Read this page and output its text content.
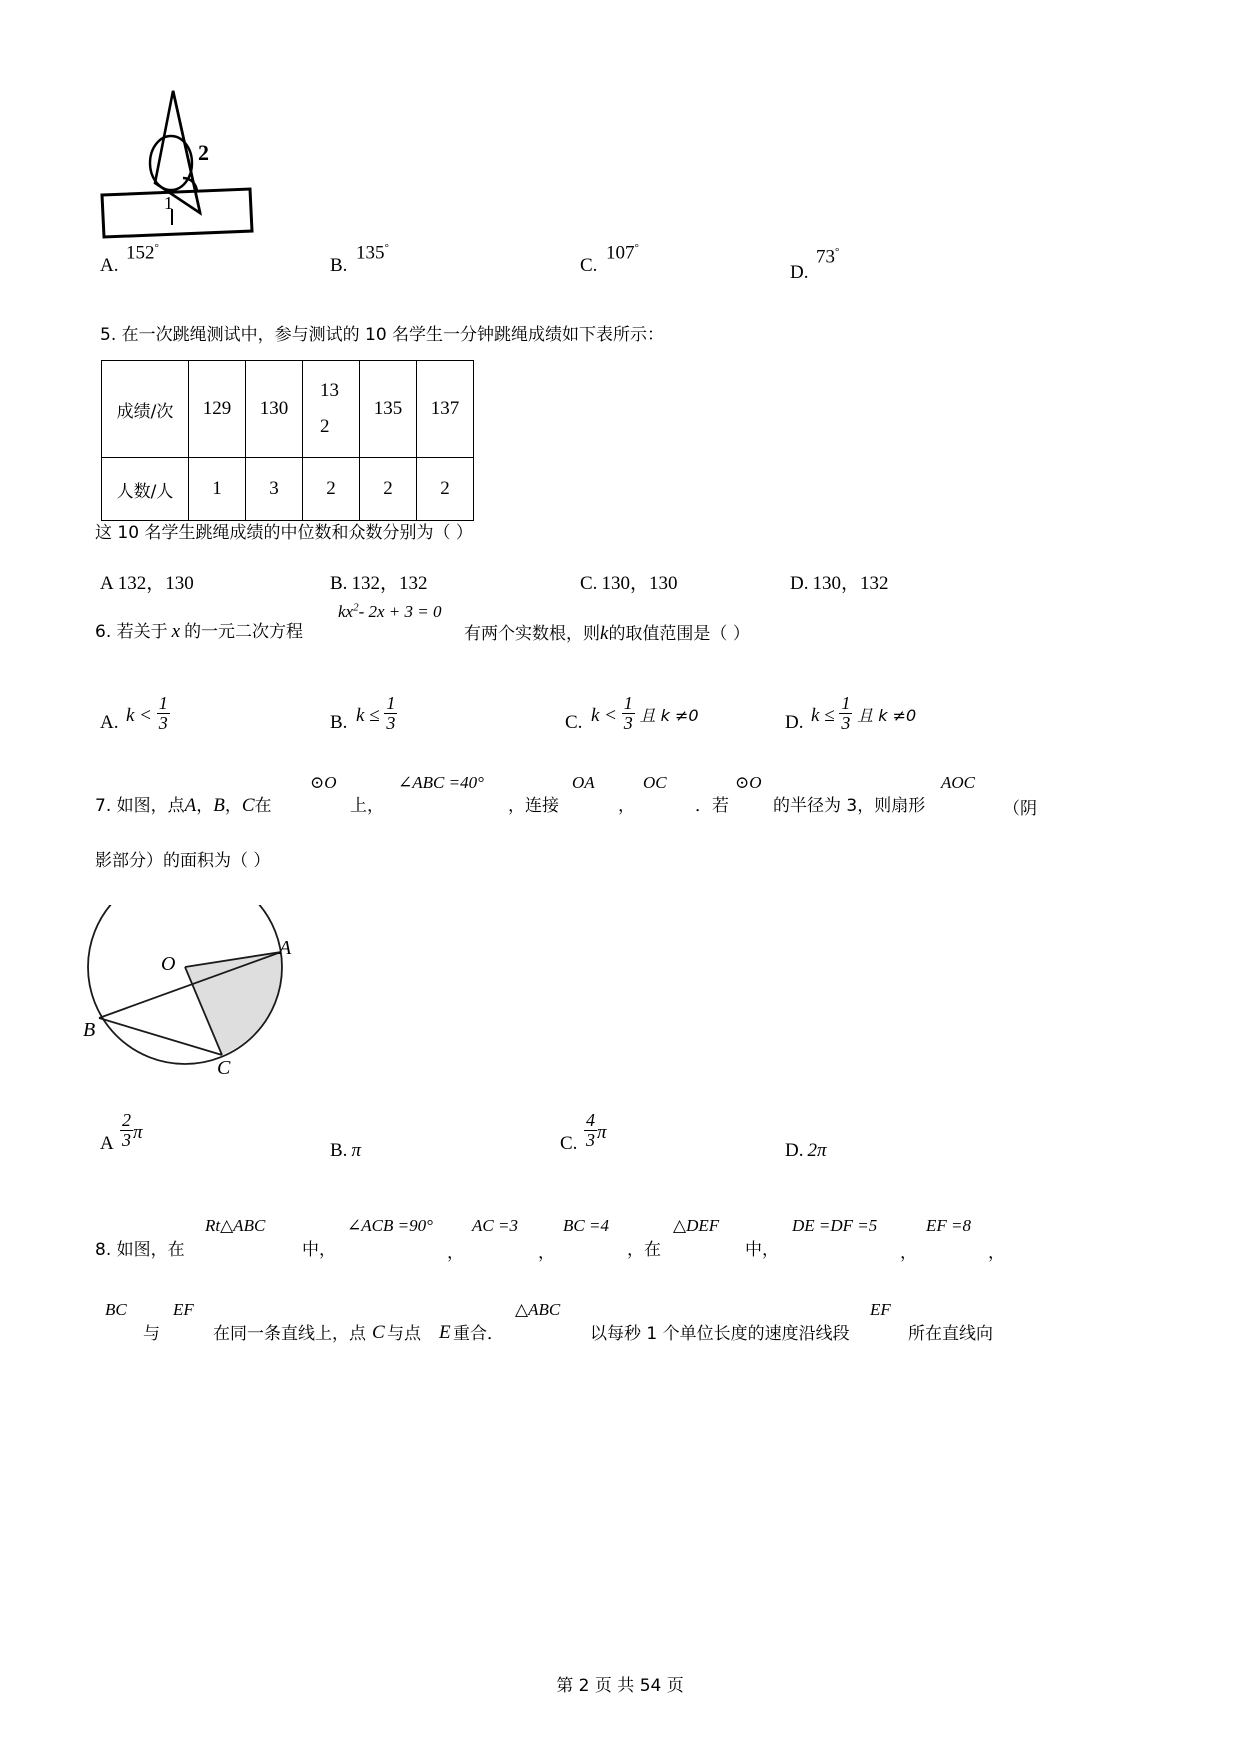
2
1
A.
152°
B.
135°
C.
107°
D.
73°
5. 在一次跳绳测试中，参与测试的 10 名学生一分钟跳绳成绩如下表所示：
成绩/次	129	130	132	135	137
人数/人	1	3	2	2	2
这 10 名学生跳绳成绩的中位数和众数分别为（ ）
A 132，130	B. 132，132	C. 130，130	D. 130，132
6. 若关于 x 的一元二次方程
$kx^2-$ 2x + 3 = 0
有两个实数根，则k的取值范围是（ ）
A. $k < \frac{1}{3}$	B. $k \le \frac{1}{3}$	C. $k < \frac{1}{3}$ 且 k ≠0	D. $k \le \frac{1}{3}$ 且 k ≠0
7. 如图，点A，B，C在
⊙O
上，
∠ABC =40°
，连接
OA
，
OC
．若
⊙O
的半径为 3，则扇形
AOC
（阴
影部分）的面积为（ ）
O
A
B
C
A $\frac{2}{3}$ π
B. π	C. $\frac{4}{3}$ π
D. 2π
8. 如图，在
Rt△ABC
中，
∠ACB =90°
，
AC =3
，
BC =4
，在
△DEF
中，
DE =DF =5
，
EF =8
，
BC
与
EF
在同一条直线上，点 C 与点 E 重合．
△ABC
以每秒 1 个单位长度的速度沿线段
EF
所在直线向
第 2 页 共 54 页
